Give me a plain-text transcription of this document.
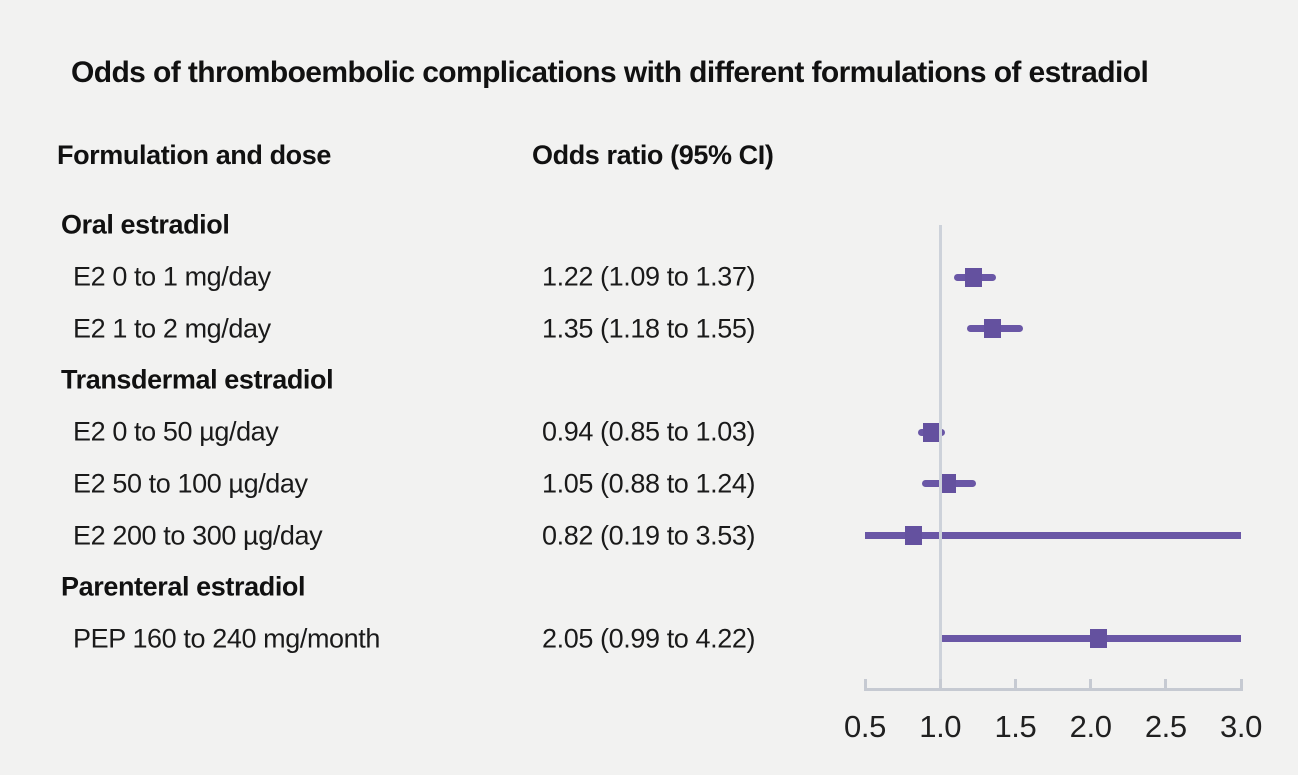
Odds of thromboembolic complications with different formulations of estradiol
Formulation and dose	Odds ratio (95% CI)
Oral estradiol
E2 0 to 1 mg/day	1.22 (1.09 to 1.37)
E2 1 to 2 mg/day	1.35 (1.18 to 1.55)
Transdermal estradiol
E2 0 to 50 µg/day	0.94 (0.85 to 1.03)
E2 50 to 100 µg/day	1.05 (0.88 to 1.24)
E2 200 to 300 µg/day	0.82 (0.19 to 3.53)
Parenteral estradiol
PEP 160 to 240 mg/month	2.05 (0.99 to 4.22)
0.5	1.0	1.5	2.0	2.5	3.0
